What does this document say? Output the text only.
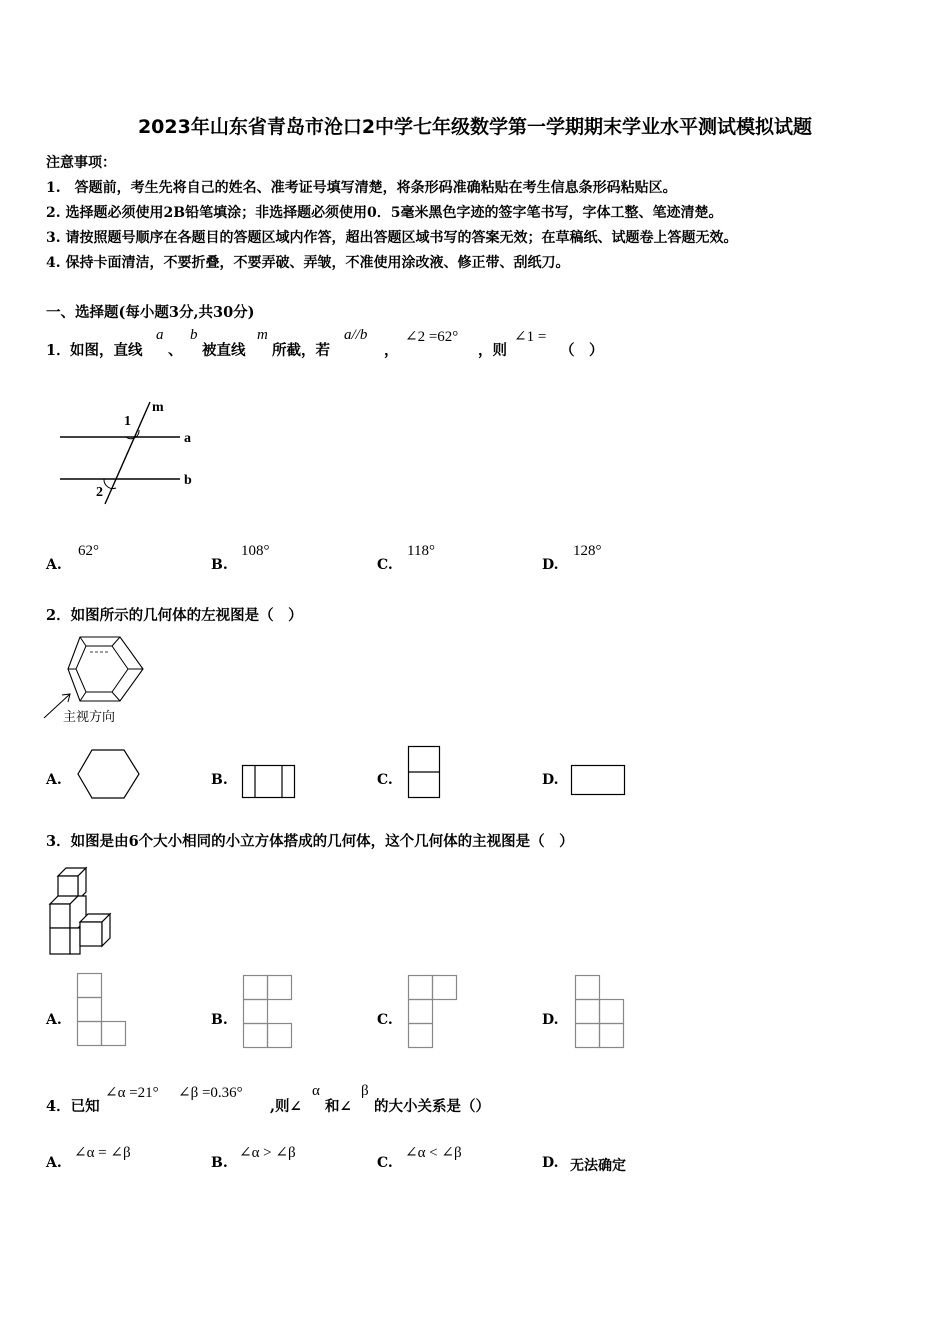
2023年山东省青岛市沧口2中学七年级数学第一学期期末学业水平测试模拟试题
注意事项：
1.　答题前，考生先将自己的姓名、准考证号填写清楚，将条形码准确粘贴在考生信息条形码粘贴区。
2. 选择题必须使用2B铅笔填涂；非选择题必须使用0．5毫米黑色字迹的签字笔书写，字体工整、笔迹清楚。
3. 请按照题号顺序在各题目的答题区域内作答，超出答题区域书写的答案无效；在草稿纸、试题卷上答题无效。
4. 保持卡面清洁，不要折叠，不要弄破、弄皱，不准使用涂改液、修正带、刮纸刀。
一、选择题(每小题3分,共30分)
1． 如图，直线
a
、
b
被直线
m
所截，若
a//b
，
∠2 =62°
，则
∠1 =
（　）
1
2
m
a
b
A.
62°
B.
108°
C.
118°
D.
128°
2．如图所示的几何体的左视图是（　）
主视方向
A.	B.	C.	D.
3．如图是由6个大小相同的小立方体搭成的几何体，这个几何体的主视图是（　）
A.	B.	C.	D.
4．已知
∠α =21° ∠β =0.36°
,则∠
α
和∠
β
的大小关系是（）
A.
∠α = ∠β
B.
∠α > ∠β
C.
∠α < ∠β
D. 无法确定
